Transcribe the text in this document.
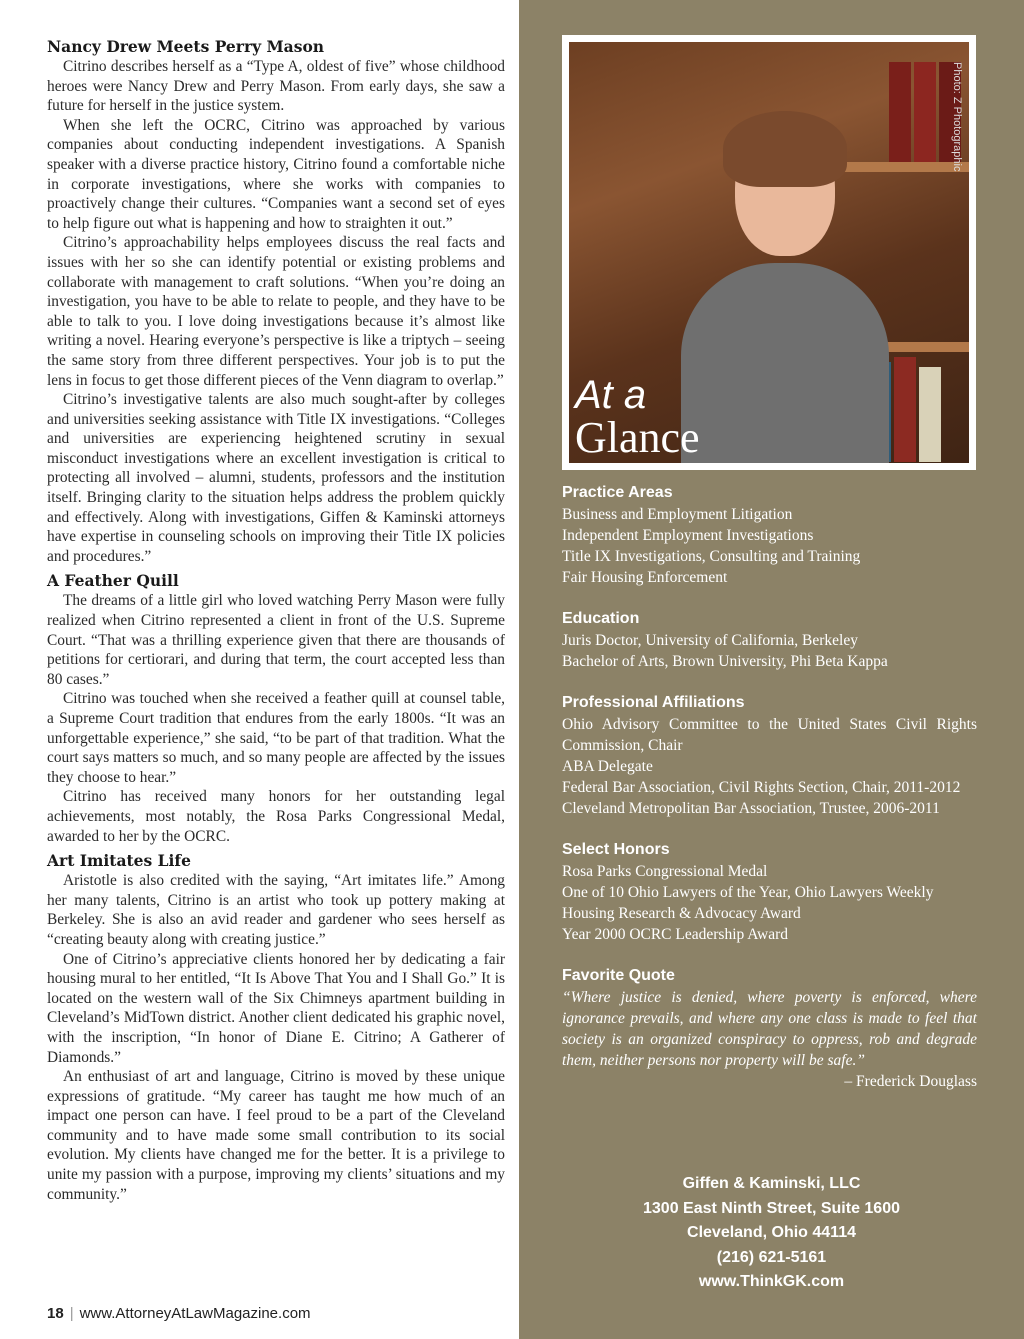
Nancy Drew Meets Perry Mason

Citrino describes herself as a “Type A, oldest of five” whose childhood heroes were Nancy Drew and Perry Mason. From early days, she saw a future for herself in the justice system.

When she left the OCRC, Citrino was approached by various companies about conducting independent investigations. A Spanish speaker with a diverse practice history, Citrino found a comfortable niche in corporate investigations, where she works with companies to proactively change their cultures. “Companies want a second set of eyes to help figure out what is happening and how to straighten it out.”

Citrino’s approachability helps employees discuss the real facts and issues with her so she can identify potential or existing problems and collaborate with management to craft solutions. “When you’re doing an investigation, you have to be able to relate to people, and they have to be able to talk to you. I love doing investigations because it’s almost like writing a novel. Hearing everyone’s perspective is like a triptych – seeing the same story from three different perspectives. Your job is to put the lens in focus to get those different pieces of the Venn diagram to overlap.”

Citrino’s investigative talents are also much sought-after by colleges and universities seeking assistance with Title IX investigations. “Colleges and universities are experiencing heightened scrutiny in sexual misconduct investigations where an excellent investigation is critical to protecting all involved – alumni, students, professors and the institution itself. Bringing clarity to the situation helps address the problem quickly and effectively. Along with investigations, Giffen & Kaminski attorneys have expertise in counseling schools on improving their Title IX policies and procedures.”

A Feather Quill

The dreams of a little girl who loved watching Perry Mason were fully realized when Citrino represented a client in front of the U.S. Supreme Court. “That was a thrilling experience given that there are thousands of petitions for certiorari, and during that term, the court accepted less than 80 cases.”

Citrino was touched when she received a feather quill at counsel table, a Supreme Court tradition that endures from the early 1800s. “It was an unforgettable experience,” she said, “to be part of that tradition. What the court says matters so much, and so many people are affected by the issues they choose to hear.”

Citrino has received many honors for her outstanding legal achievements, most notably, the Rosa Parks Congressional Medal, awarded to her by the OCRC.

Art Imitates Life

Aristotle is also credited with the saying, “Art imitates life.” Among her many talents, Citrino is an artist who took up pottery making at Berkeley. She is also an avid reader and gardener who sees herself as “creating beauty along with creating justice.”

One of Citrino’s appreciative clients honored her by dedicating a fair housing mural to her entitled, “It Is Above That You and I Shall Go.” It is located on the western wall of the Six Chimneys apartment building in Cleveland’s MidTown district. Another client dedicated his graphic novel, with the inscription, “In honor of Diane E. Citrino; A Gatherer of Diamonds.”

An enthusiast of art and language, Citrino is moved by these unique expressions of gratitude. “My career has taught me how much of an impact one person can have. I feel proud to be a part of the Cleveland community and to have made some small contribution to its social evolution. My clients have changed me for the better. It is a privilege to unite my passion with a purpose, improving my clients’ situations and my community.”

18 | www.AttorneyAtLawMagazine.com
Photo: Z Photographic
At a
Glance
Practice Areas
Business and Employment Litigation
Independent Employment Investigations
Title IX Investigations, Consulting and Training
Fair Housing Enforcement
Education
Juris Doctor, University of California, Berkeley
Bachelor of Arts, Brown University, Phi Beta Kappa
Professional Affiliations
Ohio Advisory Committee to the United States Civil Rights Commission, Chair
ABA Delegate
Federal Bar Association, Civil Rights Section, Chair, 2011-2012
Cleveland Metropolitan Bar Association, Trustee, 2006-2011
Select Honors
Rosa Parks Congressional Medal
One of 10 Ohio Lawyers of the Year, Ohio Lawyers Weekly
Housing Research & Advocacy Award
Year 2000 OCRC Leadership Award
Favorite Quote
“Where justice is denied, where poverty is enforced, where ignorance prevails, and where any one class is made to feel that society is an organized conspiracy to oppress, rob and degrade them, neither persons nor property will be safe.”
– Frederick Douglass
Giffen & Kaminski, LLC
1300 East Ninth Street, Suite 1600
Cleveland, Ohio 44114
(216) 621-5161
www.ThinkGK.com
